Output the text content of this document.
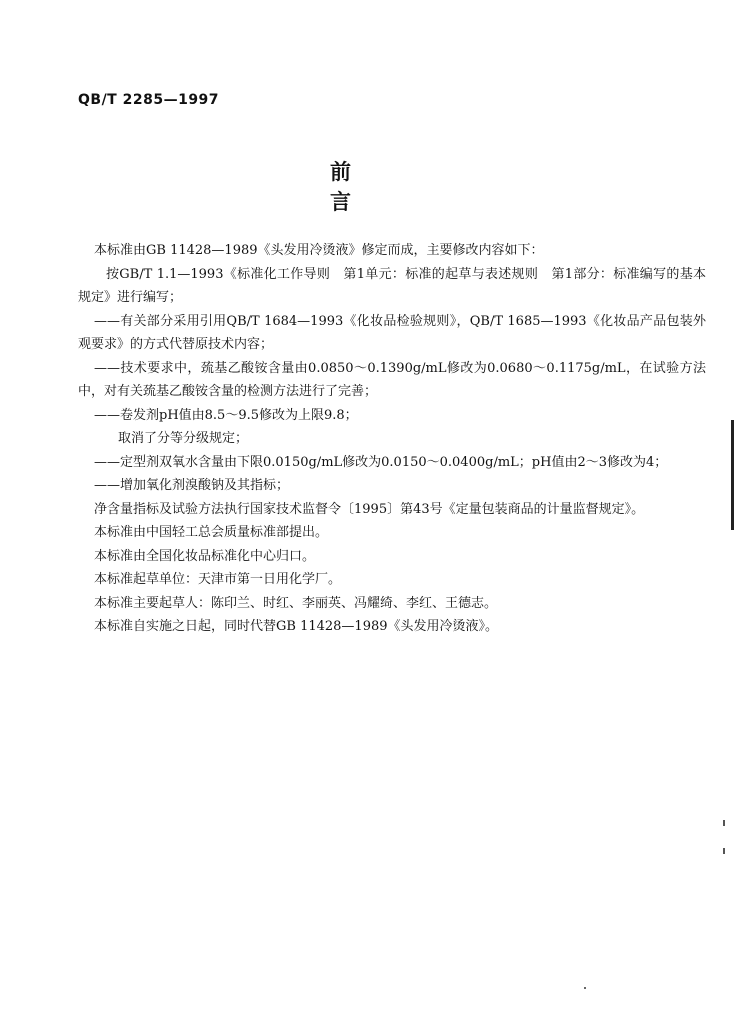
QB/T 2285—1997
前言

本标准由GB 11428—1989《头发用冷烫液》修定而成，主要修改内容如下：

按GB/T 1.1—1993《标准化工作导则　第1单元：标准的起草与表述规则　第1部分：标准编写的基本规定》进行编写；

——有关部分采用引用QB/T 1684—1993《化妆品检验规则》，QB/T 1685—1993《化妆品产品包装外观要求》的方式代替原技术内容；

——技术要求中，巯基乙酸铵含量由0.0850～0.1390g/mL修改为0.0680～0.1175g/mL，在试验方法中，对有关巯基乙酸铵含量的检测方法进行了完善；

——卷发剂pH值由8.5～9.5修改为上限9.8；

取消了分等分级规定；

——定型剂双氧水含量由下限0.0150g/mL修改为0.0150～0.0400g/mL；pH值由2～3修改为4；

——增加氧化剂溴酸钠及其指标；

净含量指标及试验方法执行国家技术监督令〔1995〕第43号《定量包装商品的计量监督规定》。

本标准由中国轻工总会质量标准部提出。

本标准由全国化妆品标准化中心归口。

本标准起草单位：天津市第一日用化学厂。

本标准主要起草人：陈印兰、时红、李丽英、冯耀绮、李红、王德志。

本标准自实施之日起，同时代替GB 11428—1989《头发用冷烫液》。
